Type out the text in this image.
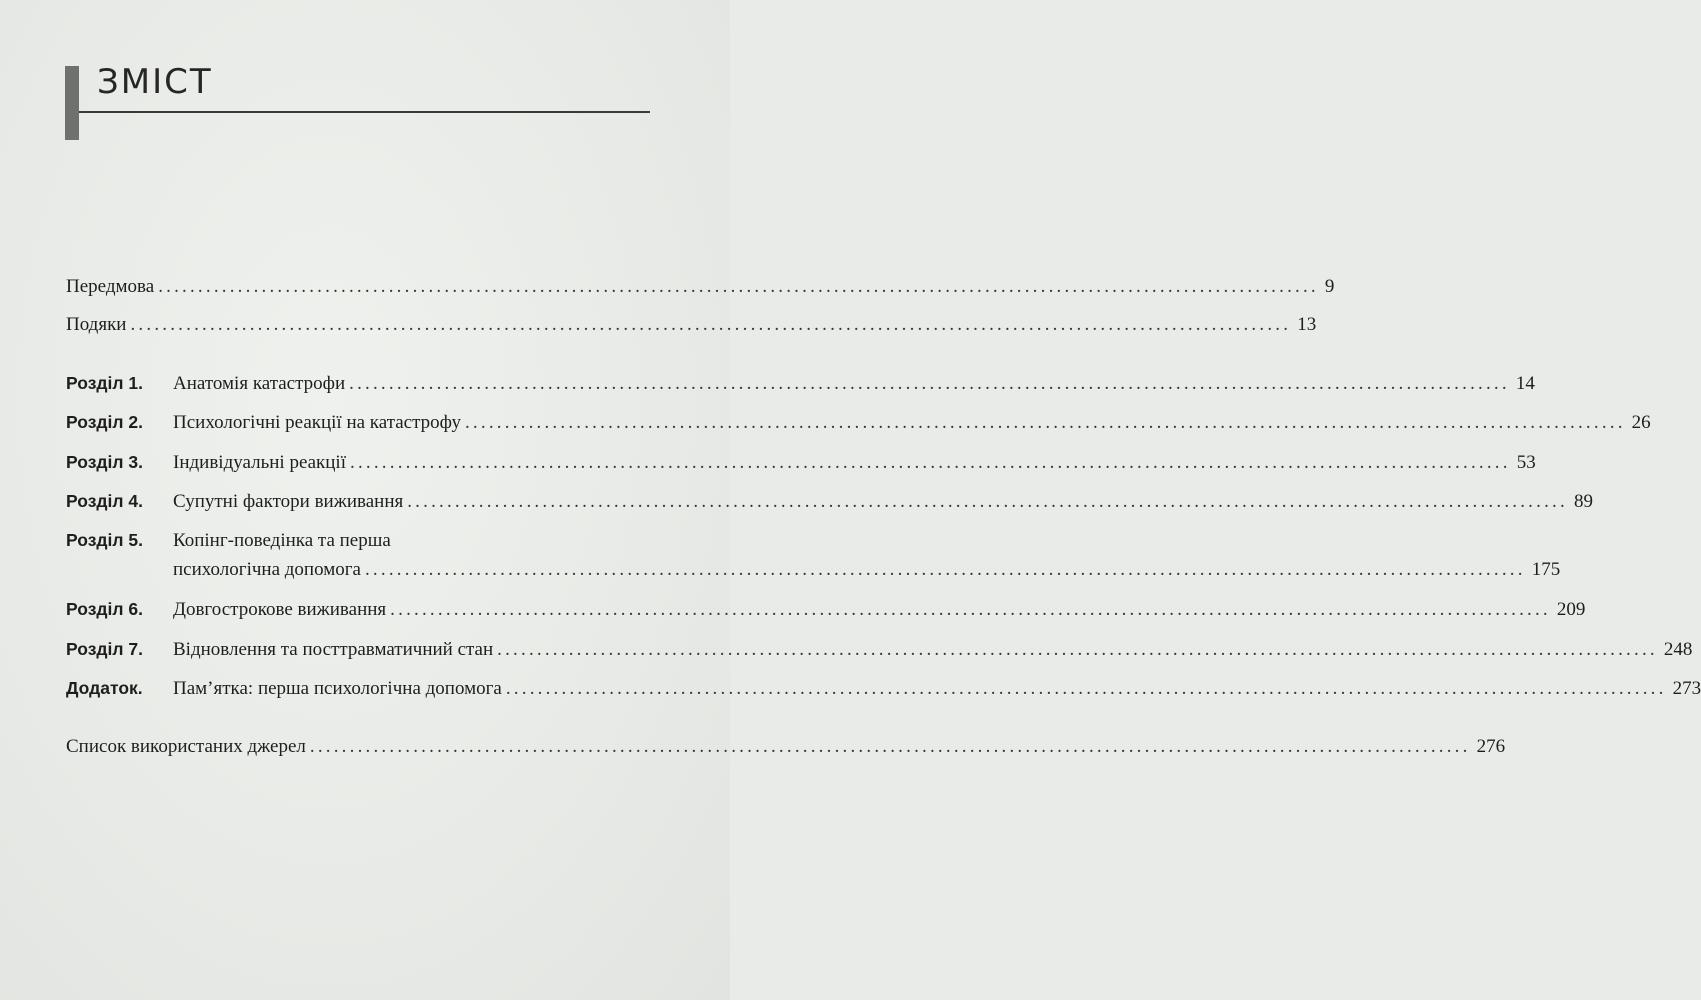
ЗМІСТ
Передмова .................................................................................................................................................. 9
Подяки .................................................................................................................................................. 13
Розділ 1.	Анатомія катастрофи .................................................................................................................................................. 14
Розділ 2.	Психологічні реакції на катастрофу .................................................................................................................................................. 26
Розділ 3.	Індивідуальні реакції .................................................................................................................................................. 53
Розділ 4.	Супутні фактори виживання .................................................................................................................................................. 89
Розділ 5.	Копінг-поведінка та перша
психологічна допомога .................................................................................................................................................. 175
Розділ 6.	Довгострокове виживання .................................................................................................................................................. 209
Розділ 7.	Відновлення та посттравматичний стан .................................................................................................................................................. 248
Додаток.	Пам’ятка: перша психологічна допомога .................................................................................................................................................. 273
Список використаних джерел .................................................................................................................................................. 276
